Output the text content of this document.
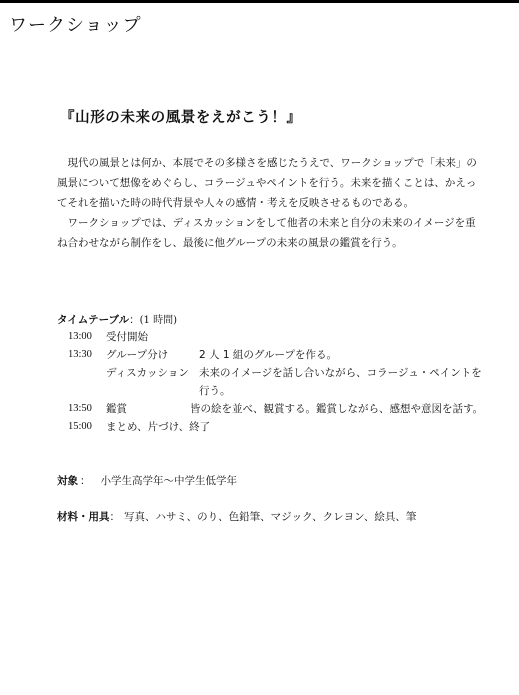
ワークショップ
『山形の未来の風景をえがこう！』
　現代の風景とは何か、本展でその多様さを感じたうえで、ワークショップで「未来」の
風景について想像をめぐらし、コラージュやペイントを行う。未来を描くことは、かえっ
てそれを描いた時の時代背景や人々の感情・考えを反映させるものである。
　ワークショップでは、ディスカッションをして他者の未来と自分の未来のイメージを重
ね合わせながら制作をし、最後に他グループの未来の風景の鑑賞を行う。
タイムテーブル：(1 時間)
13:00 受付開始
13:30 グループ分け	2 人 1 組のグループを作る。
ディスカッション 未来のイメージを話し合いながら、コラージュ・ペイントを
行う。
13:50 鑑賞	皆の絵を並べ、観賞する。鑑賞しながら、感想や意図を話す。
15:00 まとめ、片づけ、終了
対象 ： 小学生高学年～中学生低学年
材料・用具： 写真、ハサミ、のり、色鉛筆、マジック、クレヨン、絵具、筆
